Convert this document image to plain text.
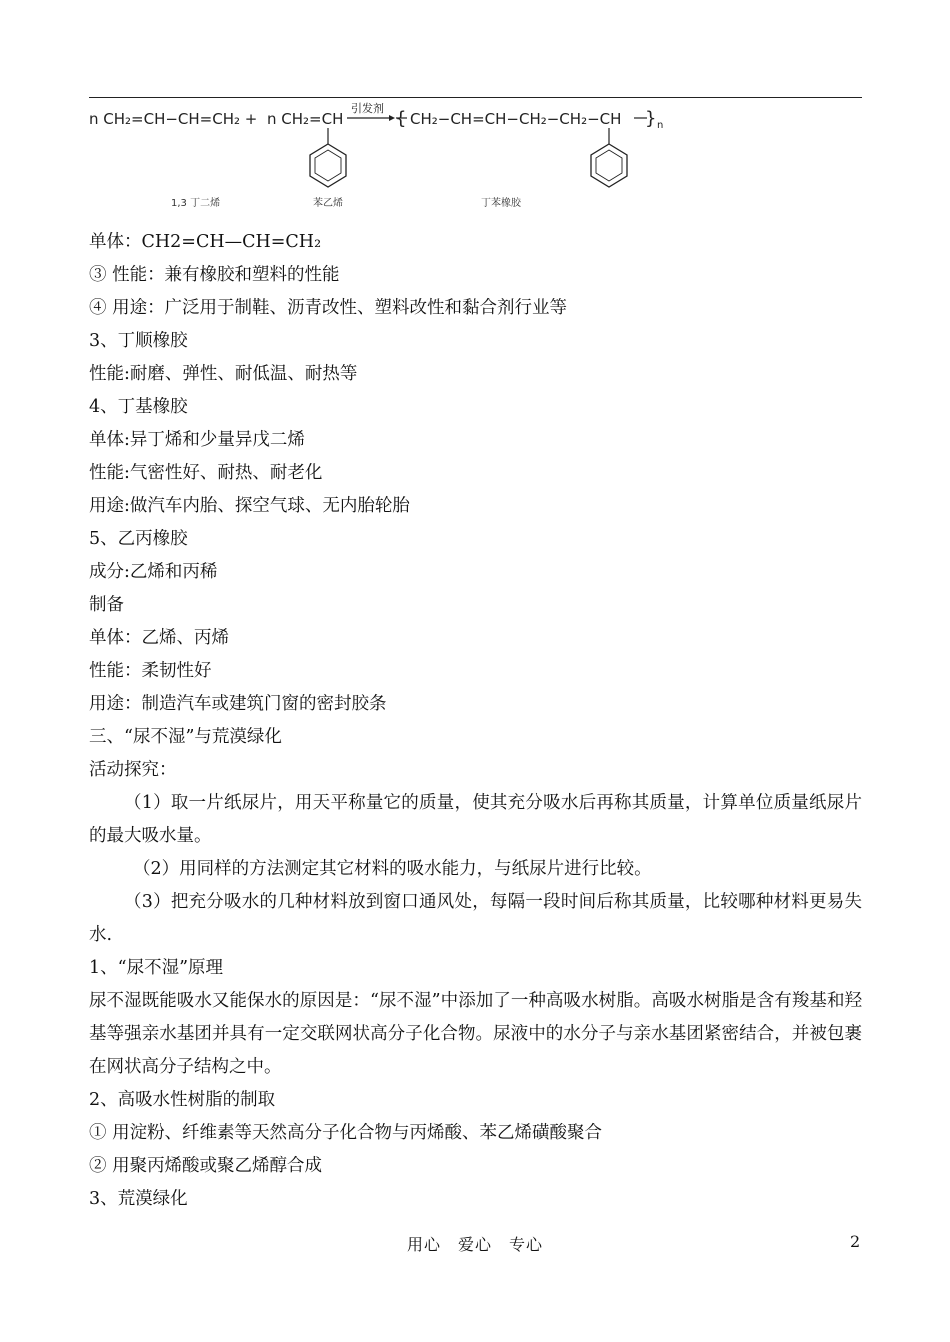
n CH₂=CH−CH=CH₂ + n CH₂=CH
引发剂 { CH₂−CH=CH−CH₂−CH₂−CH } n
1,3 丁二烯	苯乙烯	丁苯橡胶
单体：CH2=CH—CH=CH₂
③ 性能：兼有橡胶和塑料的性能
④ 用途：广泛用于制鞋、沥青改性、塑料改性和黏合剂行业等
3、丁顺橡胶
性能:耐磨、弹性、耐低温、耐热等
4、丁基橡胶
单体:异丁烯和少量异戊二烯
性能:气密性好、耐热、耐老化
用途:做汽车内胎、探空气球、无内胎轮胎
5、乙丙橡胶
成分:乙烯和丙稀
制备
单体：乙烯、丙烯
性能：柔韧性好
用途：制造汽车或建筑门窗的密封胶条
三、“尿不湿”与荒漠绿化
活动探究：

（1）取一片纸尿片，用天平称量它的质量，使其充分吸水后再称其质量，计算单位质量纸尿片的最大吸水量。

（2）用同样的方法测定其它材料的吸水能力，与纸尿片进行比较。

（3）把充分吸水的几种材料放到窗口通风处，每隔一段时间后称其质量，比较哪种材料更易失水.

1、“尿不湿”原理

尿不湿既能吸水又能保水的原因是：“尿不湿”中添加了一种高吸水树脂。高吸水树脂是含有羧基和羟基等强亲水基团并具有一定交联网状高分子化合物。尿液中的水分子与亲水基团紧密结合，并被包裹在网状高分子结构之中。

2、高吸水性树脂的制取
① 用淀粉、纤维素等天然高分子化合物与丙烯酸、苯乙烯磺酸聚合
② 用聚丙烯酸或聚乙烯醇合成
3、荒漠绿化
用心　爱心　专心	2
